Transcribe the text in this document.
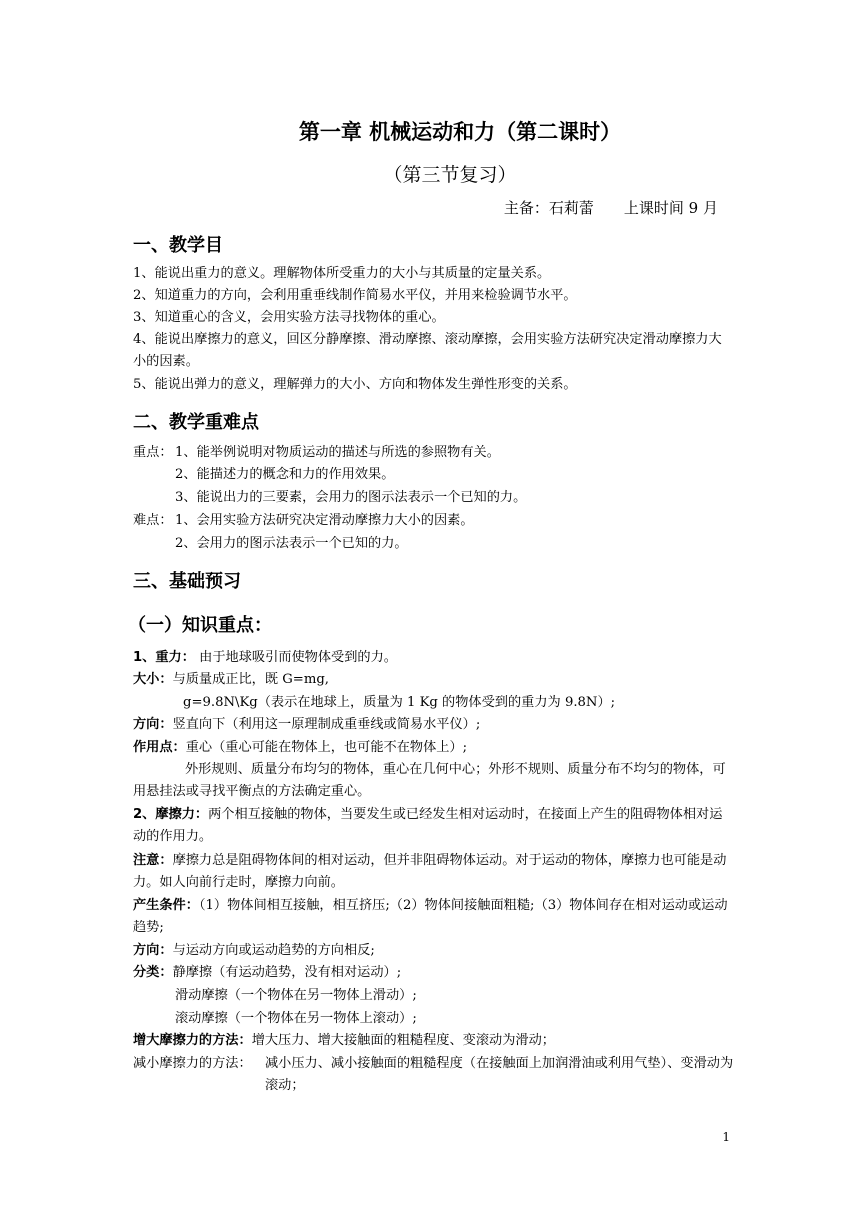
第一章 机械运动和力（第二课时）
（第三节复习）
主备：石莉蕾 上课时间 9 月
一、教学目
1、能说出重力的意义。理解物体所受重力的大小与其质量的定量关系。
2、知道重力的方向，会利用重垂线制作简易水平仪，并用来检验调节水平。
3、知道重心的含义，会用实验方法寻找物体的重心。
4、能说出摩擦力的意义，回区分静摩擦、滑动摩擦、滚动摩擦，会用实验方法研究决定滑动摩擦力大小的因素。
5、能说出弹力的意义，理解弹力的大小、方向和物体发生弹性形变的关系。
二、教学重难点
重点： 1、能举例说明对物质运动的描述与所选的参照物有关。
2、能描述力的概念和力的作用效果。
3、能说出力的三要素，会用力的图示法表示一个已知的力。
难点： 1、会用实验方法研究决定滑动摩擦力大小的因素。
2、会用力的图示法表示一个已知的力。
三、基础预习
（一）知识重点：
1、重力： 由于地球吸引而使物体受到的力。
大小：与质量成正比，既 G=mg,
g=9.8N\Kg（表示在地球上，质量为 1 Kg 的物体受到的重力为 9.8N）;
方向：竖直向下（利用这一原理制成重垂线或简易水平仪）;
作用点：重心（重心可能在物体上，也可能不在物体上）;
外形规则、质量分布均匀的物体，重心在几何中心；外形不规则、质量分布不均匀的物体，可用悬挂法或寻找平衡点的方法确定重心。
2、摩擦力：两个相互接触的物体，当要发生或已经发生相对运动时，在接面上产生的阻碍物体相对运动的作用力。
注意：摩擦力总是阻碍物体间的相对运动，但并非阻碍物体运动。对于运动的物体，摩擦力也可能是动力。如人向前行走时，摩擦力向前。
产生条件：（1）物体间相互接触，相互挤压;（2）物体间接触面粗糙;（3）物体间存在相对运动或运动趋势;
方向：与运动方向或运动趋势的方向相反;
分类：静摩擦（有运动趋势，没有相对运动）;
滑动摩擦（一个物体在另一物体上滑动）;
滚动摩擦（一个物体在另一物体上滚动）;
增大摩擦力的方法：增大压力、增大接触面的粗糙程度、变滚动为滑动；
减小摩擦力的方法： 减小压力、减小接触面的粗糙程度（在接触面上加润滑油或利用气垫）、变滑动为滚动；
1
